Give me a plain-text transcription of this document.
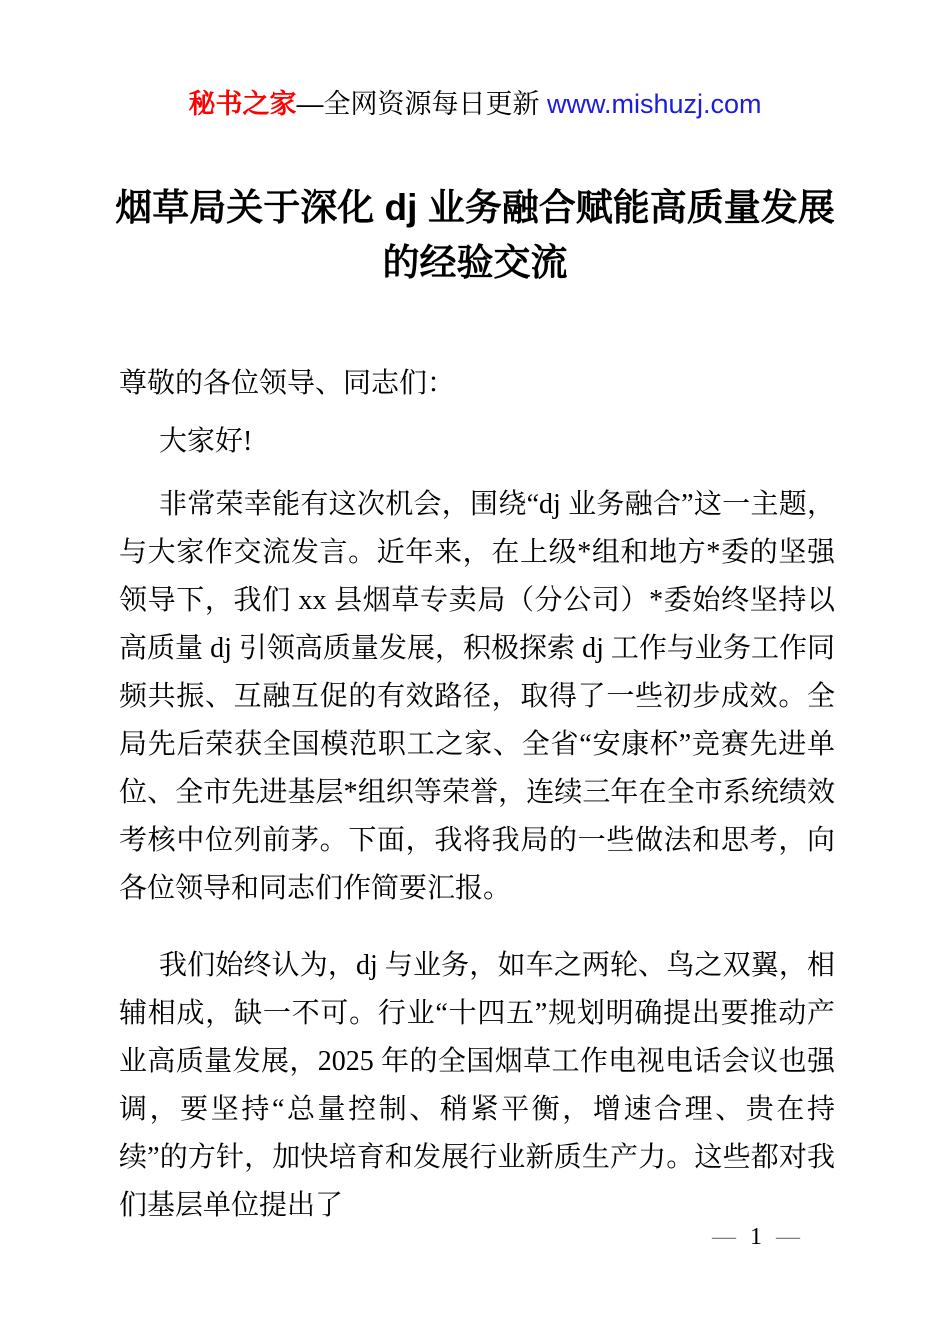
秘书之家—全网资源每日更新 www.mishuzj.com
烟草局关于深化 dj 业务融合赋能高质量发展
的经验交流

尊敬的各位领导、同志们：

大家好!

非常荣幸能有这次机会，围绕“dj 业务融合”这一主题，与大家作交流发言。近年来，在上级*组和地方*委的坚强领导下，我们 xx 县烟草专卖局（分公司）*委始终坚持以高质量 dj 引领高质量发展，积极探索 dj 工作与业务工作同频共振、互融互促的有效路径，取得了一些初步成效。全局先后荣获全国模范职工之家、全省“安康杯”竞赛先进单位、全市先进基层*组织等荣誉，连续三年在全市系统绩效考核中位列前茅。下面，我将我局的一些做法和思考，向各位领导和同志们作简要汇报。

我们始终认为，dj 与业务，如车之两轮、鸟之双翼，相辅相成，缺一不可。行业“十四五”规划明确提出要推动产业高质量发展，2025 年的全国烟草工作电视电话会议也强调，要坚持“总量控制、稍紧平衡，增速合理、贵在持续”的方针，加快培育和发展行业新质生产力。这些都对我们基层单位提出了

— 1 —
